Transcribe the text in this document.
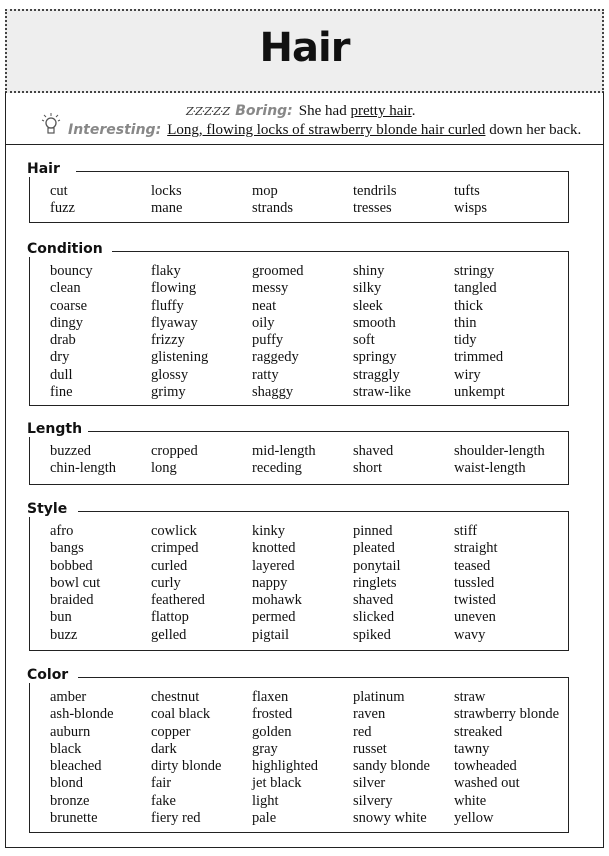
Hair
Z·Z·Z·Z·Z Boring: She had pretty hair.
Interesting: Long, flowing locks of strawberry blonde hair curled down her back.
Hair
cut
fuzz
locks
mane
mop
strands
tendrils
tresses
tufts
wisps
Condition
bouncy
clean
coarse
dingy
drab
dry
dull
fine
flaky
flowing
fluffy
flyaway
frizzy
glistening
glossy
grimy
groomed
messy
neat
oily
puffy
raggedy
ratty
shaggy
shiny
silky
sleek
smooth
soft
springy
straggly
straw-like
stringy
tangled
thick
thin
tidy
trimmed
wiry
unkempt
Length
buzzed
chin-length
cropped
long
mid-length
receding
shaved
short
shoulder-length
waist-length
Style
afro
bangs
bobbed
bowl cut
braided
bun
buzz
cowlick
crimped
curled
curly
feathered
flattop
gelled
kinky
knotted
layered
nappy
mohawk
permed
pigtail
pinned
pleated
ponytail
ringlets
shaved
slicked
spiked
stiff
straight
teased
tussled
twisted
uneven
wavy
Color
amber
ash-blonde
auburn
black
bleached
blond
bronze
brunette
chestnut
coal black
copper
dark
dirty blonde
fair
fake
fiery red
flaxen
frosted
golden
gray
highlighted
jet black
light
pale
platinum
raven
red
russet
sandy blonde
silver
silvery
snowy white
straw
strawberry blonde
streaked
tawny
towheaded
washed out
white
yellow
